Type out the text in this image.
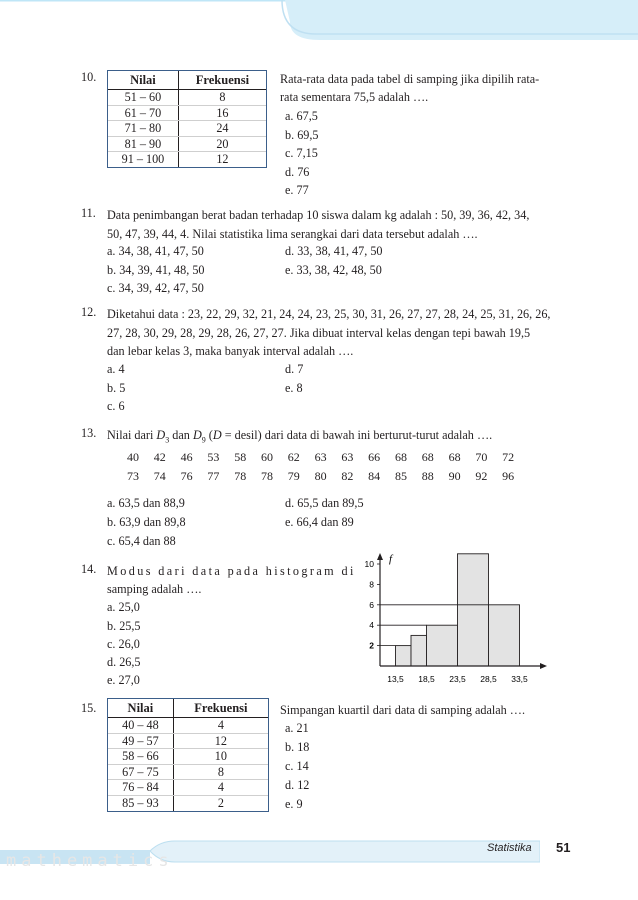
10.	Nilai	Frekuensi
51 – 60	8
61 – 70	16
71 – 80	24
81 – 90	20
91 – 100	12
Rata-rata data pada tabel di samping jika dipilih rata-
rata sementara 75,5 adalah ….
a. 67,5
b. 69,5
c. 7,15
d. 76
e. 77
11. Data penimbangan berat badan terhadap 10 siswa dalam kg adalah : 50, 39, 36, 42, 34,
50, 47, 39, 44, 4. Nilai statistika lima serangkai dari data tersebut adalah ….
a. 34, 38, 41, 47, 50	d. 33, 38, 41, 47, 50
b. 34, 39, 41, 48, 50	e. 33, 38, 42, 48, 50
c. 34, 39, 42, 47, 50
12. Diketahui data : 23, 22, 29, 32, 21, 24, 24, 23, 25, 30, 31, 26, 27, 27, 28, 24, 25, 31, 26, 26,
27, 28, 30, 29, 28, 29, 28, 26, 27, 27. Jika dibuat interval kelas dengan tepi bawah 19,5
dan lebar kelas 3, maka banyak interval adalah ….
a. 4	d. 7
b. 5	e. 8
c. 6
13. Nilai dari $D_3$ dan $D_9$ (D = desil) dari data di bawah ini berturut-turut adalah ….
40 42 46 53 58 60 62 63 63 66 68 68 68 70 72
73 74 76 77 78 78 79 80 82 84 85 88 90 92 96
a. 63,5 dan 88,9	d. 65,5 dan 89,5
b. 63,9 dan 89,8	e. 66,4 dan 89
c. 65,4 dan 88
14. Modus dari data pada histogram di
samping adalah ….
a. 25,0
b. 25,5
c. 26,0
d. 26,5
e. 27,0
2
4
6
8
10
13,5 18,5 23,5 28,5 33,5
f
15.	Nilai	Frekuensi
40 – 48	4
49 – 57	12
58 – 66	10
67 – 75	8
76 – 84	4
85 – 93	2
Simpangan kuartil dari data di samping adalah ….
a. 21
b. 18
c. 14
d. 12
e. 9
mathematics
Statistika 51
